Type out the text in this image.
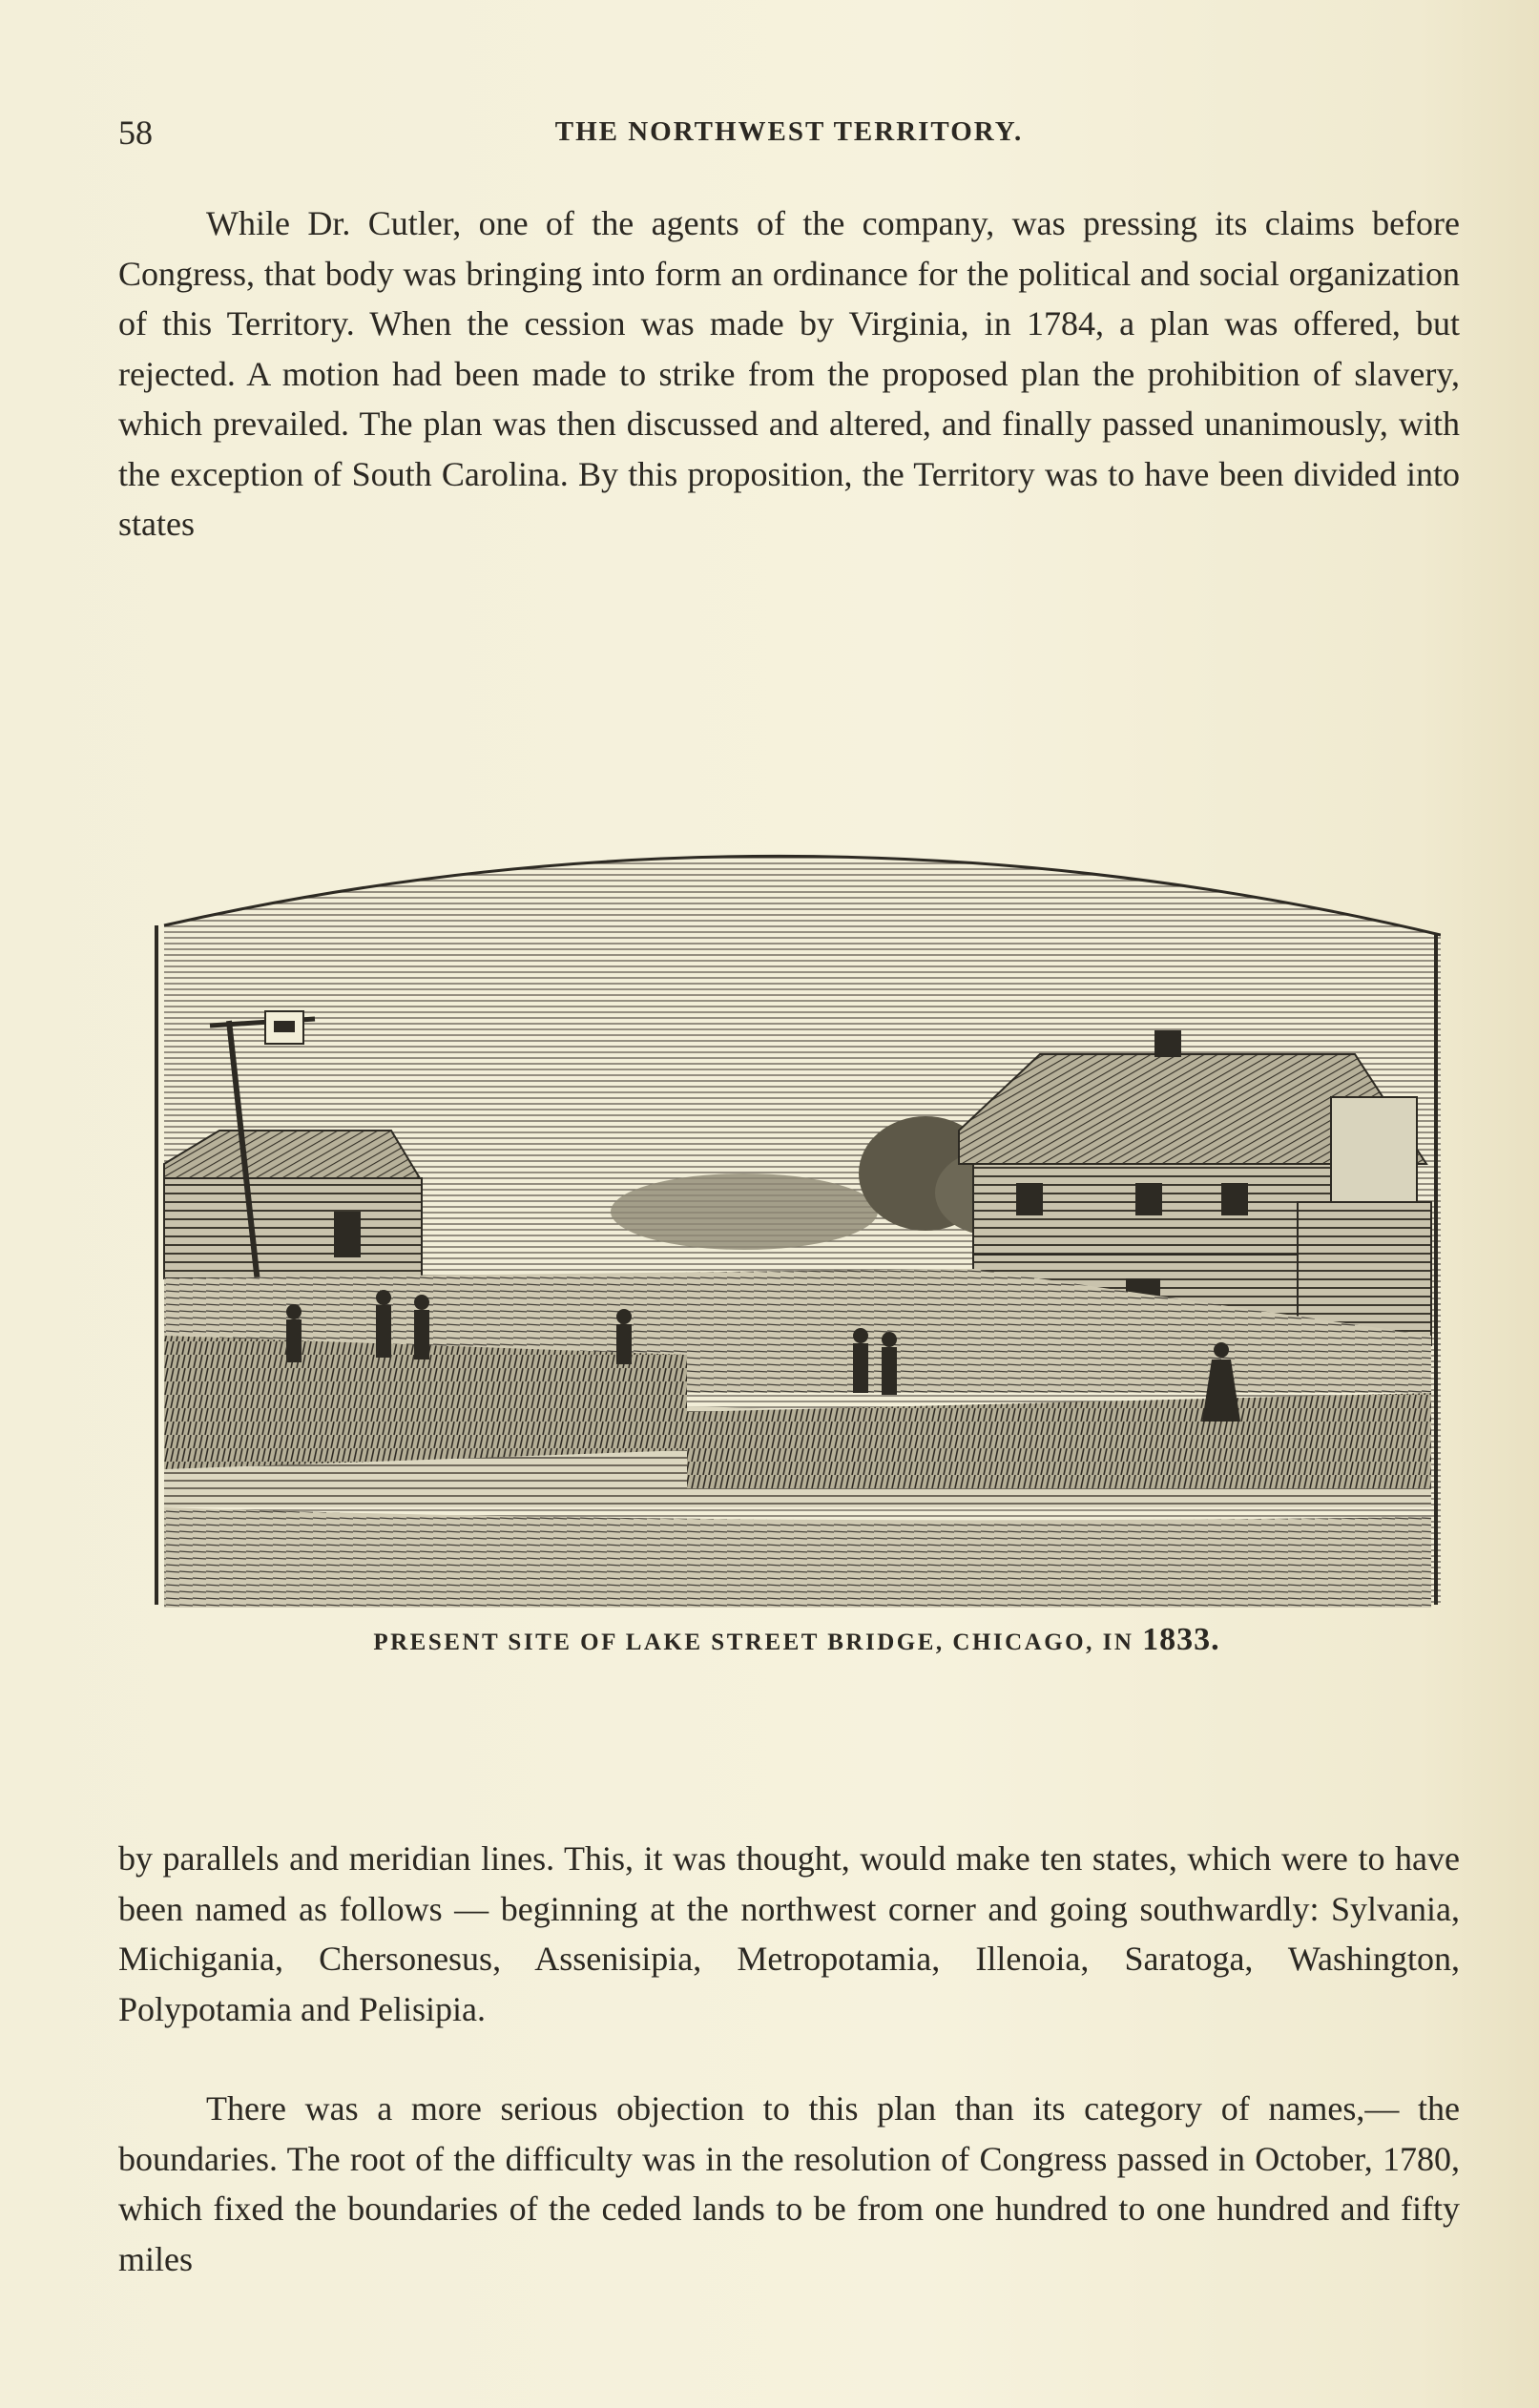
58	THE NORTHWEST TERRITORY.

While Dr. Cutler, one of the agents of the company, was pressing its claims before Congress, that body was bringing into form an ordinance for the political and social organization of this Territory. When the cession was made by Virginia, in 1784, a plan was offered, but rejected. A motion had been made to strike from the proposed plan the prohibition of slavery, which prevailed. The plan was then discussed and altered, and finally passed unanimously, with the exception of South Carolina. By this proposition, the Territory was to have been divided into states

PRESENT SITE OF LAKE STREET BRIDGE, CHICAGO, IN 1833.

by parallels and meridian lines. This, it was thought, would make ten states, which were to have been named as follows — beginning at the northwest corner and going southwardly: Sylvania, Michigania, Chersonesus, Assenisipia, Metropotamia, Illenoia, Saratoga, Washington, Polypotamia and Pelisipia.

There was a more serious objection to this plan than its category of names,— the boundaries. The root of the difficulty was in the resolution of Congress passed in October, 1780, which fixed the boundaries of the ceded lands to be from one hundred to one hundred and fifty miles
